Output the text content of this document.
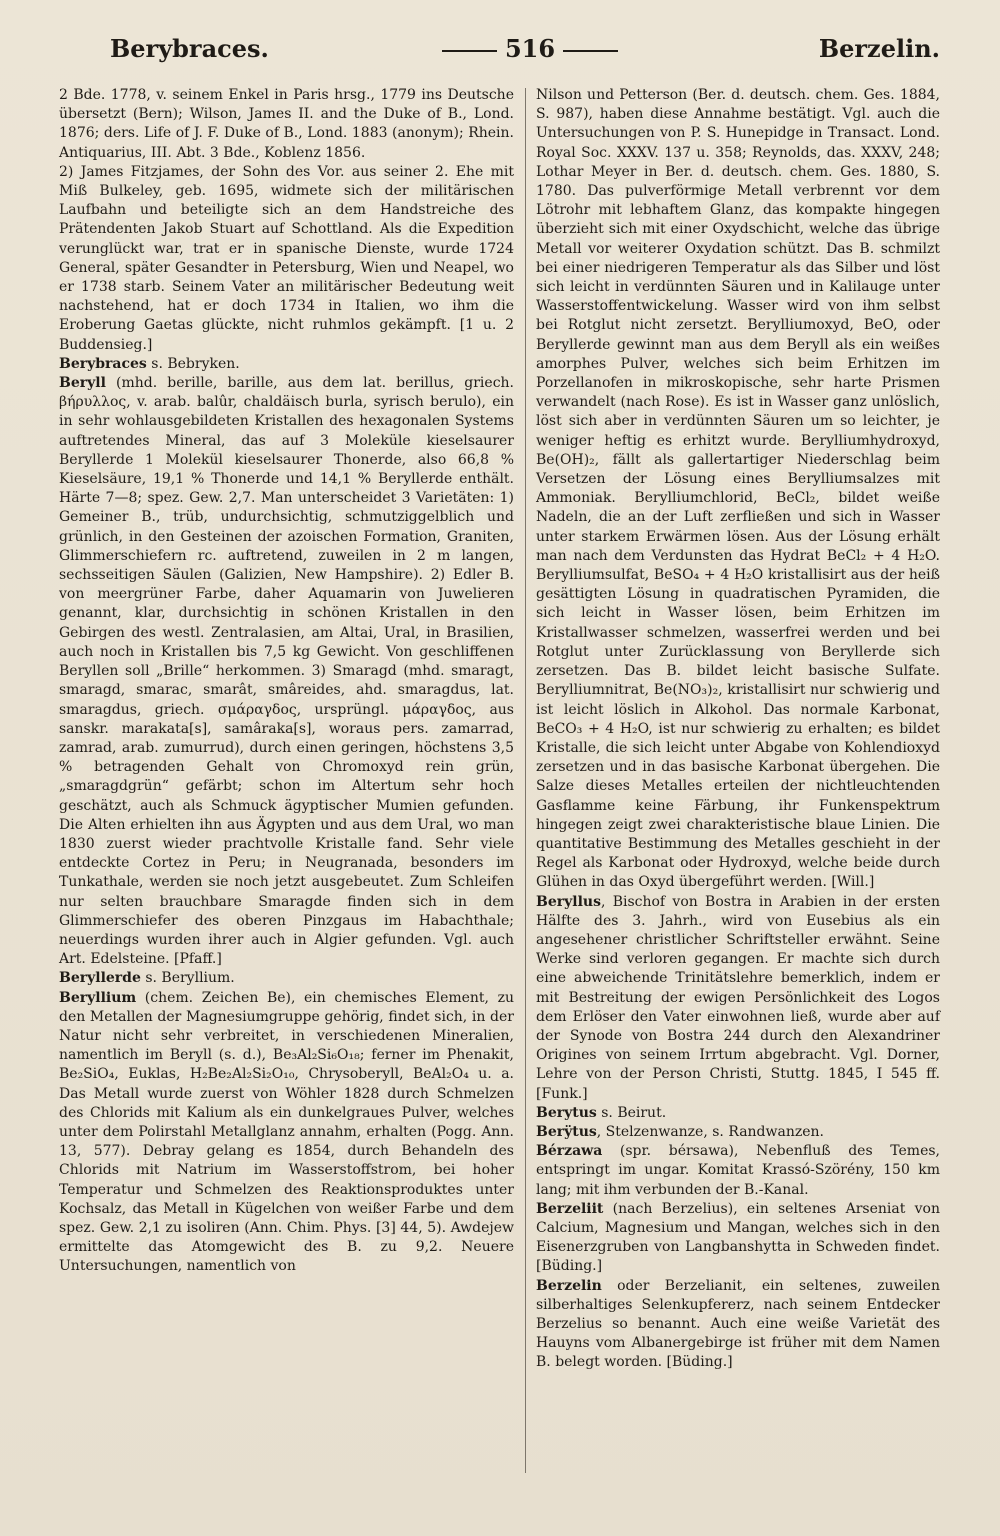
Berybraces.	516	Berzelin.

2 Bde. 1778, v. seinem Enkel in Paris hrsg., 1779 ins Deutsche übersetzt (Bern); Wilson, James II. and the Duke of B., Lond. 1876; ders. Life of J. F. Duke of B., Lond. 1883 (anonym); Rhein. Antiquarius, III. Abt. 3 Bde., Koblenz 1856.

2) James Fitzjames, der Sohn des Vor. aus seiner 2. Ehe mit Miß Bulkeley, geb. 1695, widmete sich der militärischen Laufbahn und beteiligte sich an dem Handstreiche des Prätendenten Jakob Stuart auf Schottland. Als die Expedition verunglückt war, trat er in spanische Dienste, wurde 1724 General, später Gesandter in Petersburg, Wien und Neapel, wo er 1738 starb. Seinem Vater an militärischer Bedeutung weit nachstehend, hat er doch 1734 in Italien, wo ihm die Eroberung Gaetas glückte, nicht ruhmlos gekämpft. [1 u. 2 Buddensieg.]

Berybraces s. Bebryken.

Beryll (mhd. berille, barille, aus dem lat. berillus, griech. βήρυλλος, v. arab. balûr, chaldäisch burla, syrisch berulo), ein in sehr wohlausgebildeten Kristallen des hexagonalen Systems auftretendes Mineral, das auf 3 Moleküle kieselsaurer Beryllerde 1 Molekül kieselsaurer Thonerde, also 66,8 % Kieselsäure, 19,1 % Thonerde und 14,1 % Beryllerde enthält. Härte 7—8; spez. Gew. 2,7. Man unterscheidet 3 Varietäten: 1) Gemeiner B., trüb, undurchsichtig, schmutziggelblich und grünlich, in den Gesteinen der azoischen Formation, Graniten, Glimmerschiefern rc. auftretend, zuweilen in 2 m langen, sechsseitigen Säulen (Galizien, New Hampshire). 2) Edler B. von meergrüner Farbe, daher Aquamarin von Juwelieren genannt, klar, durchsichtig in schönen Kristallen in den Gebirgen des westl. Zentralasien, am Altai, Ural, in Brasilien, auch noch in Kristallen bis 7,5 kg Gewicht. Von geschliffenen Beryllen soll „Brille“ herkommen. 3) Smaragd (mhd. smaragt, smaragd, smarac, smarât, smâreides, ahd. smaragdus, lat. smaragdus, griech. σμάραγδος, ursprüngl. μάραγδος, aus sanskr. marakata[s], samâraka[s], woraus pers. zamarrad, zamrad, arab. zumurrud), durch einen geringen, höchstens 3,5 % betragenden Gehalt von Chromoxyd rein grün, „smaragdgrün“ gefärbt; schon im Altertum sehr hoch geschätzt, auch als Schmuck ägyptischer Mumien gefunden. Die Alten erhielten ihn aus Ägypten und aus dem Ural, wo man 1830 zuerst wieder prachtvolle Kristalle fand. Sehr viele entdeckte Cortez in Peru; in Neugranada, besonders im Tunkathale, werden sie noch jetzt ausgebeutet. Zum Schleifen nur selten brauchbare Smaragde finden sich in dem Glimmerschiefer des oberen Pinzgaus im Habachthale; neuerdings wurden ihrer auch in Algier gefunden. Vgl. auch Art. Edelsteine. [Pfaff.]

Beryllerde s. Beryllium.

Beryllium (chem. Zeichen Be), ein chemisches Element, zu den Metallen der Magnesiumgruppe gehörig, findet sich, in der Natur nicht sehr verbreitet, in verschiedenen Mineralien, namentlich im Beryll (s. d.), Be₃Al₂Si₆O₁₈; ferner im Phenakit, Be₂SiO₄, Euklas, H₂Be₂Al₂Si₂O₁₀, Chrysoberyll, BeAl₂O₄ u. a. Das Metall wurde zuerst von Wöhler 1828 durch Schmelzen des Chlorids mit Kalium als ein dunkelgraues Pulver, welches unter dem Polirstahl Metallglanz annahm, erhalten (Pogg. Ann. 13, 577). Debray gelang es 1854, durch Behandeln des Chlorids mit Natrium im Wasserstoffstrom, bei hoher Temperatur und Schmelzen des Reaktionsproduktes unter Kochsalz, das Metall in Kügelchen von weißer Farbe und dem spez. Gew. 2,1 zu isoliren (Ann. Chim. Phys. [3] 44, 5). Awdejew ermittelte das Atomgewicht des B. zu 9,2. Neuere Untersuchungen, namentlich von

Nilson und Petterson (Ber. d. deutsch. chem. Ges. 1884, S. 987), haben diese Annahme bestätigt. Vgl. auch die Untersuchungen von P. S. Hunepidge in Transact. Lond. Royal Soc. XXXV. 137 u. 358; Reynolds, das. XXXV, 248; Lothar Meyer in Ber. d. deutsch. chem. Ges. 1880, S. 1780. Das pulverförmige Metall verbrennt vor dem Lötrohr mit lebhaftem Glanz, das kompakte hingegen überzieht sich mit einer Oxydschicht, welche das übrige Metall vor weiterer Oxydation schützt. Das B. schmilzt bei einer niedrigeren Temperatur als das Silber und löst sich leicht in verdünnten Säuren und in Kalilauge unter Wasserstoffentwickelung. Wasser wird von ihm selbst bei Rotglut nicht zersetzt. Berylliumoxyd, BeO, oder Beryllerde gewinnt man aus dem Beryll als ein weißes amorphes Pulver, welches sich beim Erhitzen im Porzellanofen in mikroskopische, sehr harte Prismen verwandelt (nach Rose). Es ist in Wasser ganz unlöslich, löst sich aber in verdünnten Säuren um so leichter, je weniger heftig es erhitzt wurde. Berylliumhydroxyd, Be(OH)₂, fällt als gallertartiger Niederschlag beim Versetzen der Lösung eines Berylliumsalzes mit Ammoniak. Berylliumchlorid, BeCl₂, bildet weiße Nadeln, die an der Luft zerfließen und sich in Wasser unter starkem Erwärmen lösen. Aus der Lösung erhält man nach dem Verdunsten das Hydrat BeCl₂ + 4 H₂O. Berylliumsulfat, BeSO₄ + 4 H₂O kristallisirt aus der heiß gesättigten Lösung in quadratischen Pyramiden, die sich leicht in Wasser lösen, beim Erhitzen im Kristallwasser schmelzen, wasserfrei werden und bei Rotglut unter Zurücklassung von Beryllerde sich zersetzen. Das B. bildet leicht basische Sulfate. Berylliumnitrat, Be(NO₃)₂, kristallisirt nur schwierig und ist leicht löslich in Alkohol. Das normale Karbonat, BeCO₃ + 4 H₂O, ist nur schwierig zu erhalten; es bildet Kristalle, die sich leicht unter Abgabe von Kohlendioxyd zersetzen und in das basische Karbonat übergehen. Die Salze dieses Metalles erteilen der nichtleuchtenden Gasflamme keine Färbung, ihr Funkenspektrum hingegen zeigt zwei charakteristische blaue Linien. Die quantitative Bestimmung des Metalles geschieht in der Regel als Karbonat oder Hydroxyd, welche beide durch Glühen in das Oxyd übergeführt werden. [Will.]

Beryllus, Bischof von Bostra in Arabien in der ersten Hälfte des 3. Jahrh., wird von Eusebius als ein angesehener christlicher Schriftsteller erwähnt. Seine Werke sind verloren gegangen. Er machte sich durch eine abweichende Trinitätslehre bemerklich, indem er mit Bestreitung der ewigen Persönlichkeit des Logos dem Erlöser den Vater einwohnen ließ, wurde aber auf der Synode von Bostra 244 durch den Alexandriner Origines von seinem Irrtum abgebracht. Vgl. Dorner, Lehre von der Person Christi, Stuttg. 1845, I 545 ff. [Funk.]

Berytus s. Beirut.

Berÿtus, Stelzenwanze, s. Randwanzen.

Bérzawa (spr. bérsawa), Nebenfluß des Temes, entspringt im ungar. Komitat Krassó-Szörény, 150 km lang; mit ihm verbunden der B.-Kanal.

Berzeliit (nach Berzelius), ein seltenes Arseniat von Calcium, Magnesium und Mangan, welches sich in den Eisenerzgruben von Langbanshytta in Schweden findet. [Büding.]

Berzelin oder Berzelianit, ein seltenes, zuweilen silberhaltiges Selenkupfererz, nach seinem Entdecker Berzelius so benannt. Auch eine weiße Varietät des Hauyns vom Albanergebirge ist früher mit dem Namen B. belegt worden. [Büding.]
